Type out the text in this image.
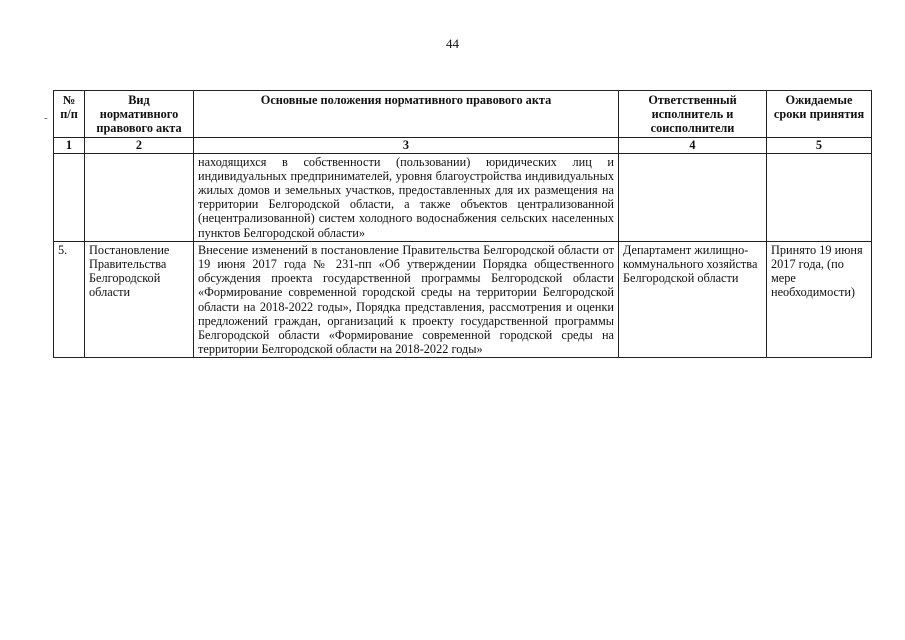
44
-
№ п/п	Вид нормативного правового акта	Основные положения нормативного правового акта	Ответственный исполнитель и соисполнители	Ожидаемые сроки принятия
1	2	3	4	5
		находящихся в собственности (пользовании) юридических лиц и индивидуальных предпринимателей, уровня благоустройства индивидуальных жилых домов и земельных участков, предоставленных для их размещения на территории Белгородской области, а также объектов централизованной (нецентрализованной) систем холодного водоснабжения сельских населенных пунктов Белгородской области»		
5.	Постановление Правительства Белгородской области	Внесение изменений в постановление Правительства Белгородской области от 19 июня 2017 года № 231-пп «Об утверждении Порядка общественного обсуждения проекта государственной программы Белгородской области «Формирование современной городской среды на территории Белгородской области на 2018-2022 годы», Порядка представления, рассмотрения и оценки предложений граждан, организаций к проекту государственной программы Белгородской области «Формирование современной городской среды на территории Белгородской области на 2018-2022 годы»	Департамент жилищно-коммунального хозяйства Белгородской области	Принято 19 июня 2017 года, (по мере необходимости)
